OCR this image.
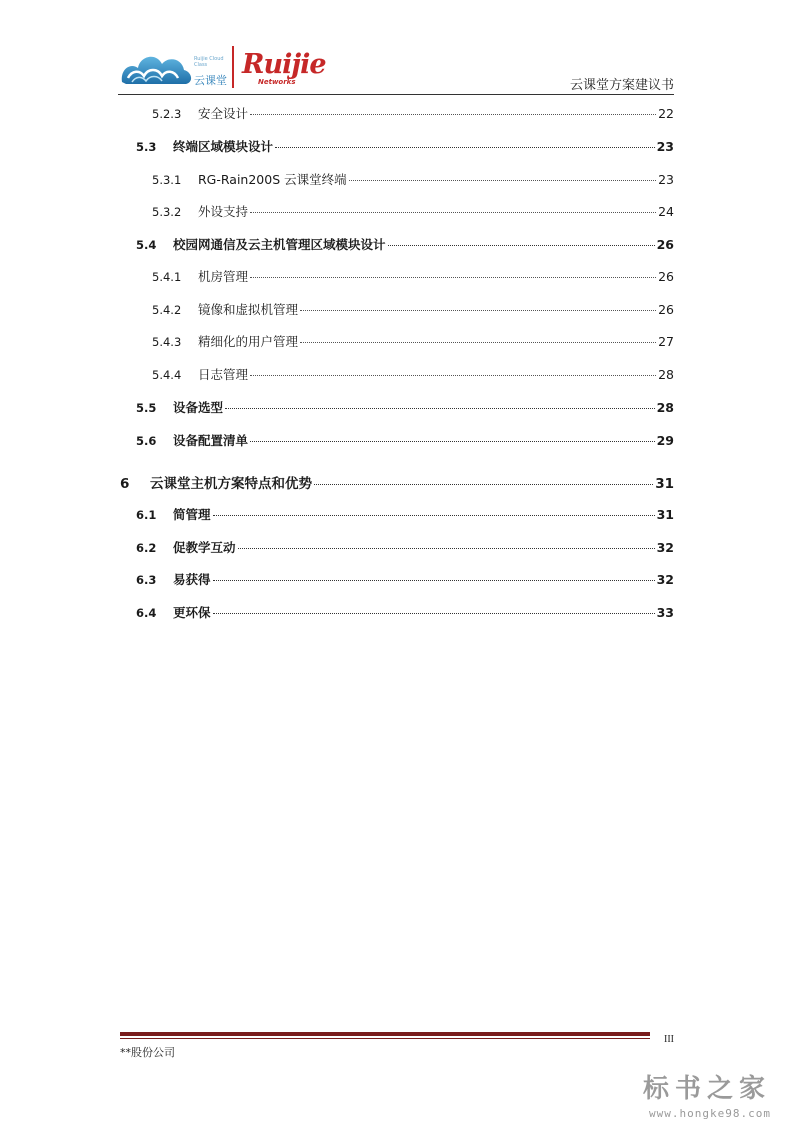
Ruijie Cloud Class
云课堂
Ruijie
Networks	云课堂方案建议书
5.2.3	安全设计	22
5.3	终端区域模块设计	23
5.3.1	RG-Rain200S 云课堂终端	23
5.3.2	外设支持	24
5.4	校园网通信及云主机管理区域模块设计	26
5.4.1	机房管理	26
5.4.2	镜像和虚拟机管理	26
5.4.3	精细化的用户管理	27
5.4.4	日志管理	28
5.5	设备选型	28
5.6	设备配置清单	29
6	云课堂主机方案特点和优势	31
6.1	简管理	31
6.2	促教学互动	32
6.3	易获得	32
6.4	更环保	33
III
**股份公司
标书之家
www.hongke98.com
